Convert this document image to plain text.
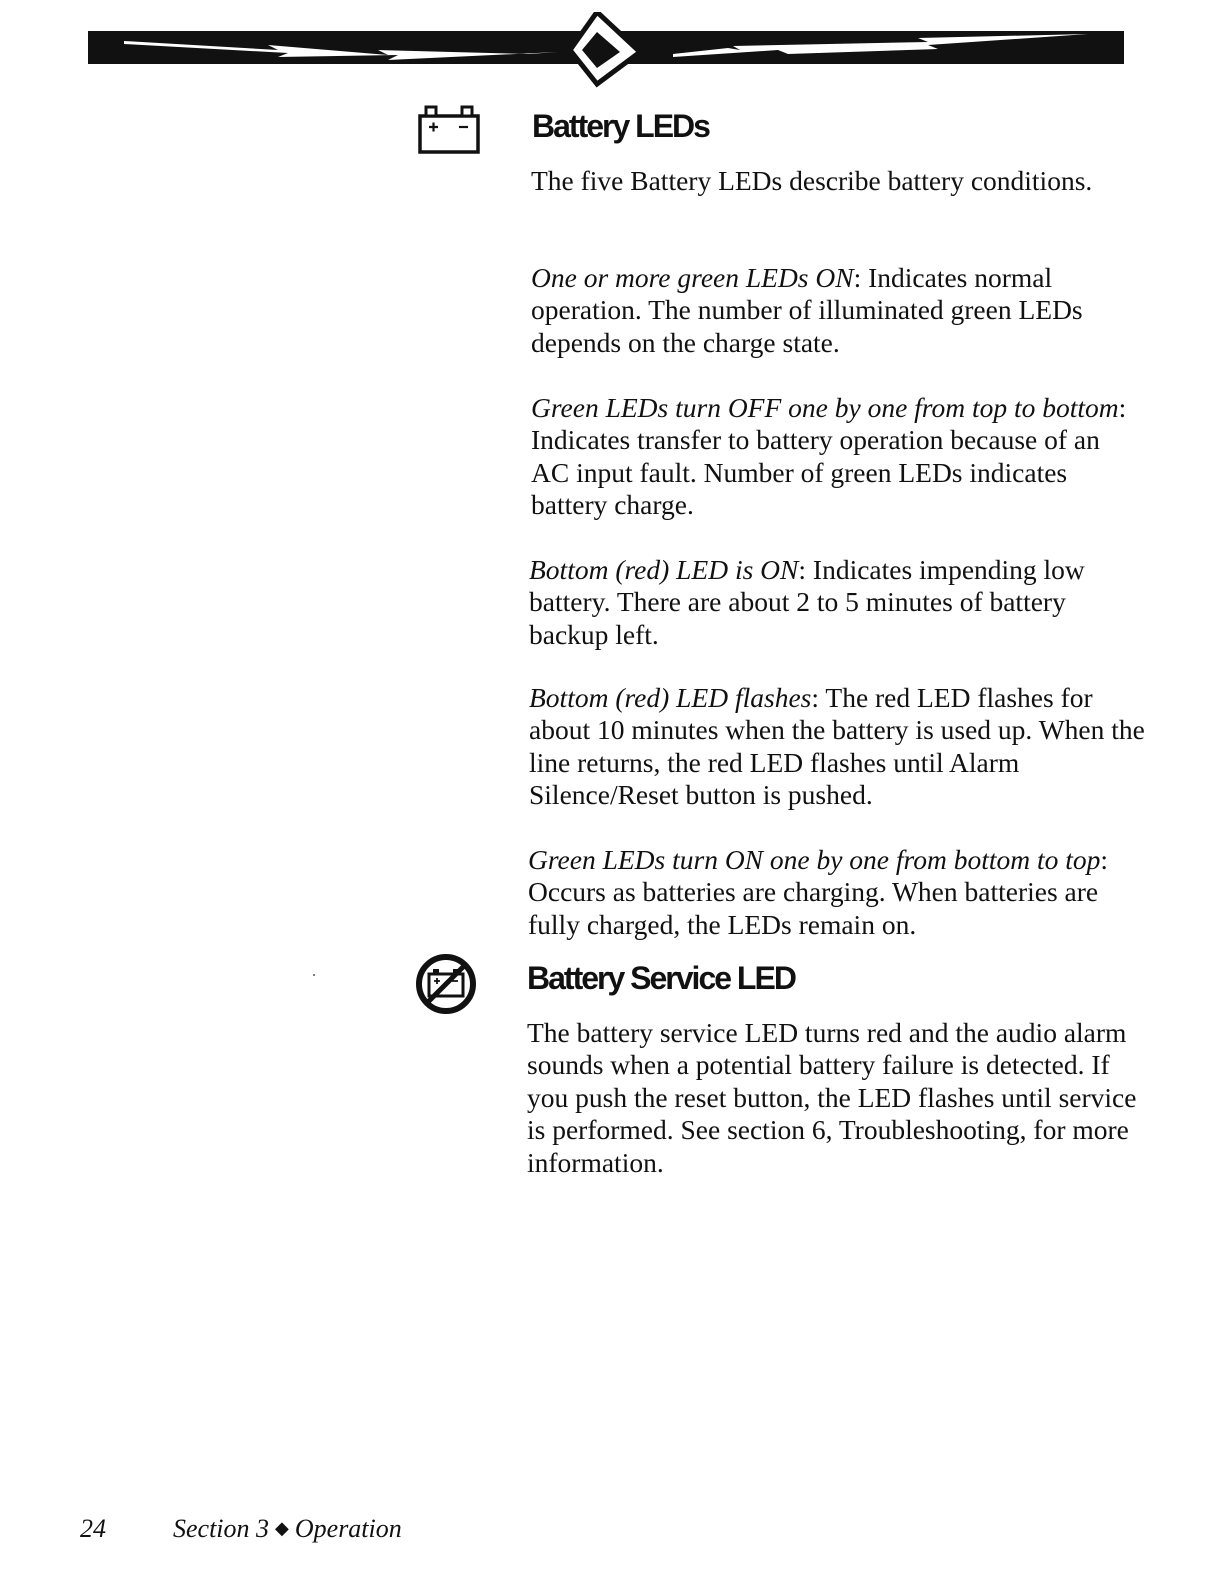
Battery LEDs

The five Battery LEDs describe battery conditions.

One or more green LEDs ON: Indicates normal operation. The number of illuminated green LEDs depends on the charge state.

Green LEDs turn OFF one by one from top to bottom: Indicates transfer to battery operation because of an AC input fault. Number of green LEDs indicates battery charge.

Bottom (red) LED is ON: Indicates impending low battery. There are about 2 to 5 minutes of battery backup left.

Bottom (red) LED flashes: The red LED flashes for about 10 minutes when the battery is used up. When the line returns, the red LED flashes until Alarm Silence/Reset button is pushed.

Green LEDs turn ON one by one from bottom to top: Occurs as batteries are charging. When batteries are fully charged, the LEDs remain on.

Battery Service LED

The battery service LED turns red and the audio alarm sounds when a potential battery failure is detected. If you push the reset button, the LED flashes until service is performed. See section 6, Troubleshooting, for more information.

24	Section 3 ◆ Operation
